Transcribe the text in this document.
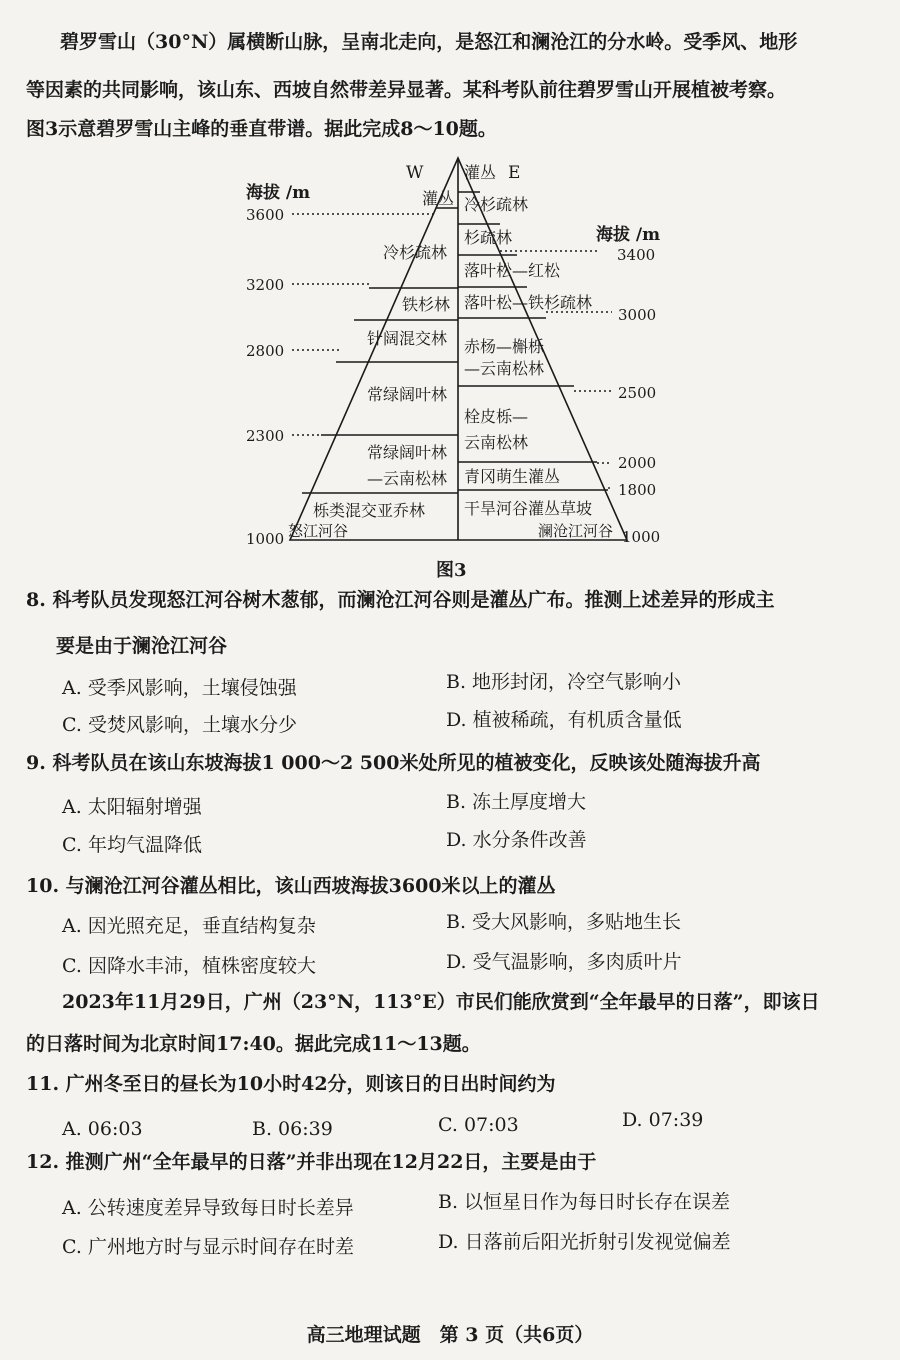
碧罗雪山（30°N）属横断山脉，呈南北走向，是怒江和澜沧江的分水岭。受季风、地形
等因素的共同影响，该山东、西坡自然带差异显著。某科考队前往碧罗雪山开展植被考察。
图3示意碧罗雪山主峰的垂直带谱。据此完成8～10题。
W	E
海拔 /m
海拔 /m
3600
3200
2800
2300
1000
3400
3000
2500
2000
1800
1000
灌丛
冷杉疏林
铁杉林
针阔混交林
常绿阔叶林
常绿阔叶林
—云南松林
栎类混交亚乔林
灌丛
冷杉疏林
杉疏林
落叶松—红松
落叶松—铁杉疏林
赤杨—槲栎
—云南松林
栓皮栎—
云南松林
青冈萌生灌丛
干旱河谷灌丛草坡
怒江河谷	澜沧江河谷
图3
8. 科考队员发现怒江河谷树木葱郁，而澜沧江河谷则是灌丛广布。推测上述差异的形成主
要是由于澜沧江河谷
A. 受季风影响，土壤侵蚀强	B. 地形封闭，冷空气影响小
C. 受焚风影响，土壤水分少	D. 植被稀疏，有机质含量低
9. 科考队员在该山东坡海拔1 000～2 500米处所见的植被变化，反映该处随海拔升高
A. 太阳辐射增强	B. 冻土厚度增大
C. 年均气温降低	D. 水分条件改善
10. 与澜沧江河谷灌丛相比，该山西坡海拔3600米以上的灌丛
A. 因光照充足，垂直结构复杂	B. 受大风影响，多贴地生长
C. 因降水丰沛，植株密度较大	D. 受气温影响，多肉质叶片
2023年11月29日，广州（23°N，113°E）市民们能欣赏到“全年最早的日落”，即该日
的日落时间为北京时间17:40。据此完成11～13题。
11. 广州冬至日的昼长为10小时42分，则该日的日出时间约为
A. 06:03	B. 06:39	C. 07:03	D. 07:39
12. 推测广州“全年最早的日落”并非出现在12月22日，主要是由于
A. 公转速度差异导致每日时长差异	B. 以恒星日作为每日时长存在误差
C. 广州地方时与显示时间存在时差	D. 日落前后阳光折射引发视觉偏差
高三地理试题　第 3 页（共6页）
